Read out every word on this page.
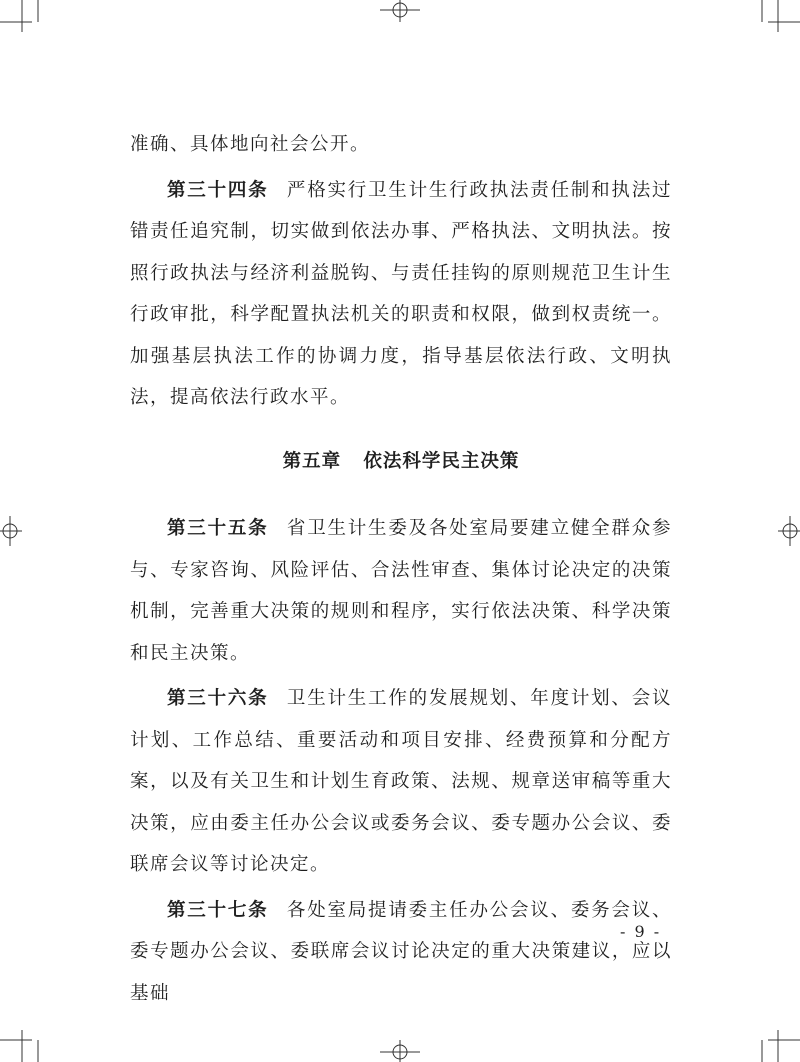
准确、具体地向社会公开。

第三十四条 严格实行卫生计生行政执法责任制和执法过错责任追究制，切实做到依法办事、严格执法、文明执法。按照行政执法与经济利益脱钩、与责任挂钩的原则规范卫生计生行政审批，科学配置执法机关的职责和权限，做到权责统一。加强基层执法工作的协调力度，指导基层依法行政、文明执法，提高依法行政水平。

第五章 依法科学民主决策

第三十五条 省卫生计生委及各处室局要建立健全群众参与、专家咨询、风险评估、合法性审查、集体讨论决定的决策机制，完善重大决策的规则和程序，实行依法决策、科学决策和民主决策。

第三十六条 卫生计生工作的发展规划、年度计划、会议计划、工作总结、重要活动和项目安排、经费预算和分配方案，以及有关卫生和计划生育政策、法规、规章送审稿等重大决策，应由委主任办公会议或委务会议、委专题办公会议、委联席会议等讨论决定。

第三十七条 各处室局提请委主任办公会议、委务会议、委专题办公会议、委联席会议讨论决定的重大决策建议，应以基础

- 9 -
